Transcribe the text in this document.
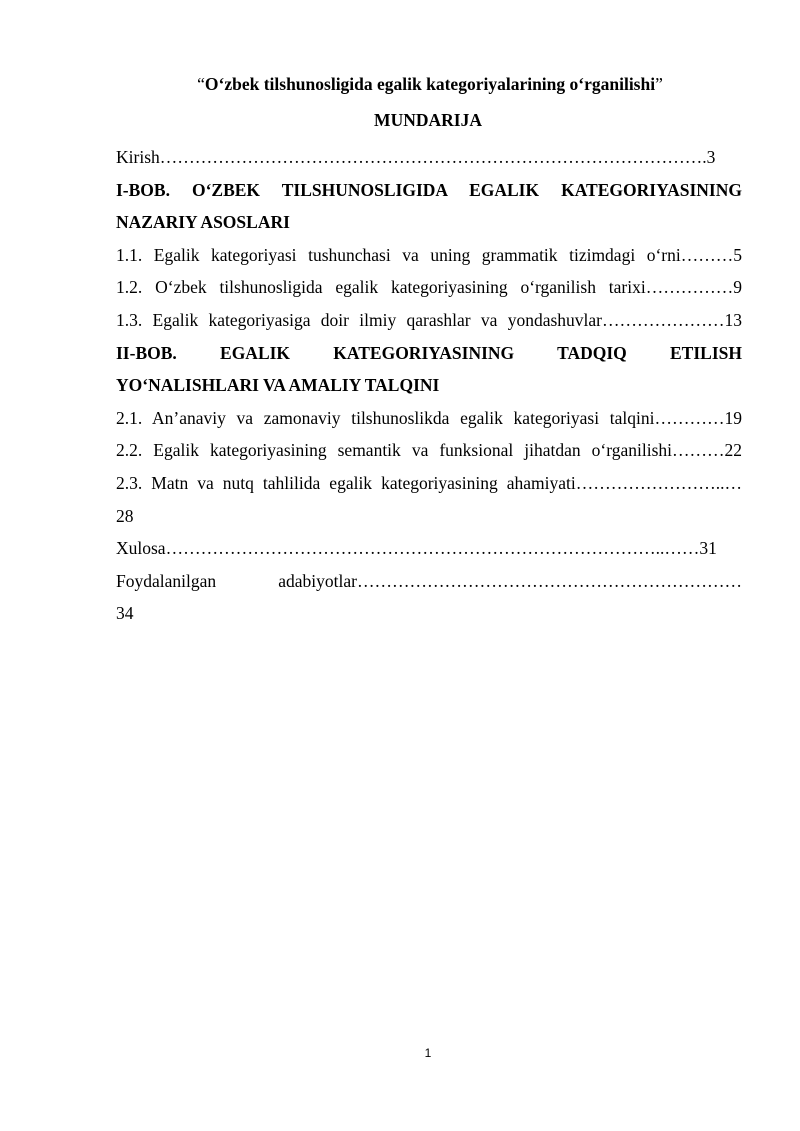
“O‘zbek tilshunosligida egalik kategoriyalarining o‘rganilishi”
MUNDARIJA
Kirish………………………………………………………………………………….3
I-BOB. O‘ZBEK TILSHUNOSLIGIDA EGALIK KATEGORIYASINING
NAZARIY ASOSLARI
1.1. Egalik kategoriyasi tushunchasi va uning grammatik tizimdagi o‘rni………5
1.2. O‘zbek tilshunosligida egalik kategoriyasining o‘rganilish tarixi……………9
1.3. Egalik kategoriyasiga doir ilmiy qarashlar va yondashuvlar…………………13
II-BOB. EGALIK KATEGORIYASINING TADQIQ ETILISH
YO‘NALISHLARI VA AMALIY TALQINI
2.1. An’anaviy va zamonaviy tilshunoslikda egalik kategoriyasi talqini…………19
2.2. Egalik kategoriyasining semantik va funksional jihatdan o‘rganilishi………22
2.3. Matn va nutq tahlilida egalik kategoriyasining ahamiyati……………………..…
28
Xulosa…………………………………………………………………………..……31
Foydalanilgan adabiyotlar…………………………………………………………
34
1
